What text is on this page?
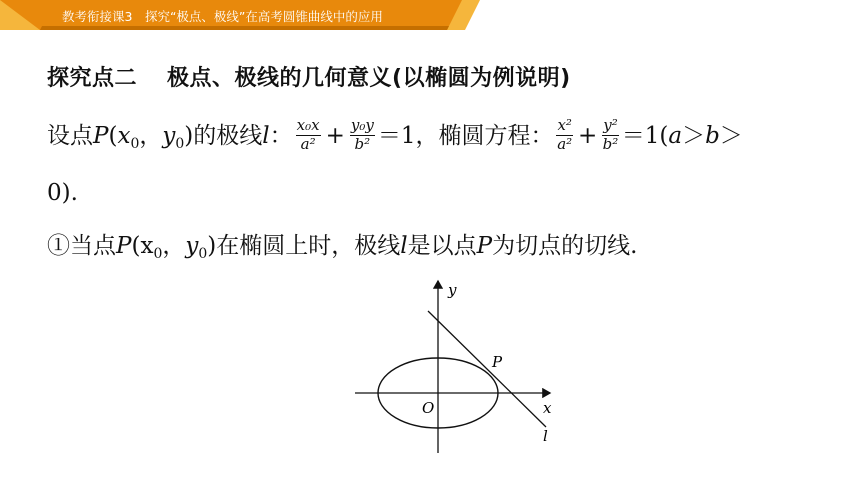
教考衔接课3　探究“极点、极线”在高考圆锥曲线中的应用
探究点二 极点、极线的几何意义(以椭圆为例说明)
设点$P(x_0$，$y_0$)的极线l： $\frac{\text{x₀x}}{\text{a²}} + \frac{\text{y₀y}}{\text{b²}} =1$，椭圆方程： $\frac{\text{x²}}{\text{a²}} + \frac{\text{y²}}{\text{b²}} =1(a>b>$
0).
①当点$P(x_0$，$y_0$)在椭圆上时，极线l是以点P为切点的切线.
y
x
O
P
l
